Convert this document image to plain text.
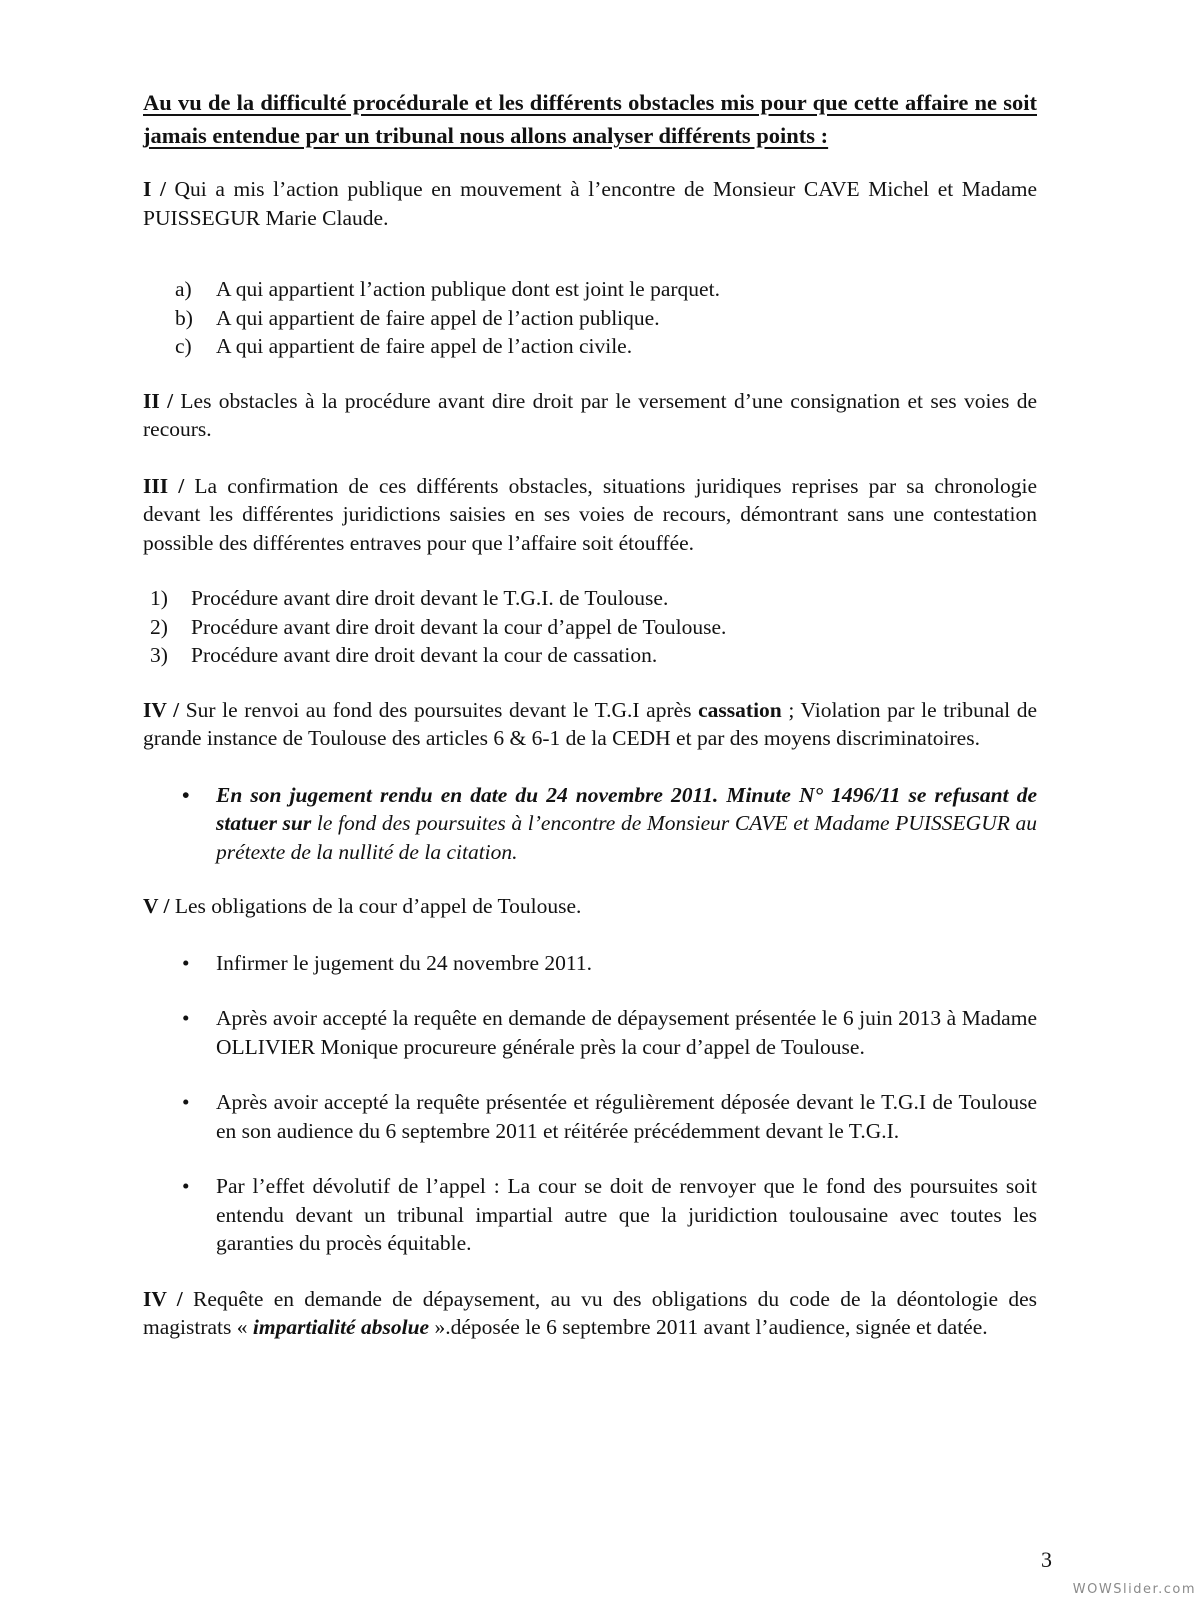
Au vu de la difficulté procédurale et les différents obstacles mis pour que cette affaire ne soit jamais entendue par un tribunal nous allons analyser différents points :

I / Qui a mis l’action publique en mouvement à l’encontre de Monsieur CAVE Michel et Madame PUISSEGUR Marie Claude.

a)	A qui appartient l’action publique dont est joint le parquet.
b)	A qui appartient de faire appel de l’action publique.
c)	A qui appartient de faire appel de l’action civile.

II / Les obstacles à la procédure avant dire droit par le versement d’une consignation et ses voies de recours.

III / La confirmation de ces différents obstacles, situations juridiques reprises par sa chronologie devant les différentes juridictions saisies en ses voies de recours, démontrant sans une contestation possible des différentes entraves pour que l’affaire soit étouffée.

1)	Procédure avant dire droit devant le T.G.I. de Toulouse.
2)	Procédure avant dire droit devant la cour d’appel de Toulouse.
3)	Procédure avant dire droit devant la cour de cassation.

IV / Sur le renvoi au fond des poursuites devant le T.G.I après cassation ; Violation par le tribunal de grande instance de Toulouse des articles 6 & 6-1 de la CEDH et par des moyens discriminatoires.

•	En son jugement rendu en date du 24 novembre 2011. Minute N° 1496/11 se refusant de statuer sur le fond des poursuites à l’encontre de Monsieur CAVE et Madame PUISSEGUR au prétexte de la nullité de la citation.

V / Les obligations de la cour d’appel de Toulouse.

•	Infirmer le jugement du 24 novembre 2011.
•	Après avoir accepté la requête en demande de dépaysement présentée le 6 juin 2013 à Madame OLLIVIER Monique procureure générale près la cour d’appel de Toulouse.
•	Après avoir accepté la requête présentée et régulièrement déposée devant le T.G.I de Toulouse en son audience du 6 septembre 2011 et réitérée précédemment devant le T.G.I.
•	Par l’effet dévolutif de l’appel : La cour se doit de renvoyer que le fond des poursuites soit entendu devant un tribunal impartial autre que la juridiction toulousaine avec toutes les garanties du procès équitable.

IV / Requête en demande de dépaysement, au vu des obligations du code de la déontologie des magistrats « impartialité absolue ».déposée le 6 septembre 2011 avant l’audience, signée et datée.

3
WOWSlider.com
